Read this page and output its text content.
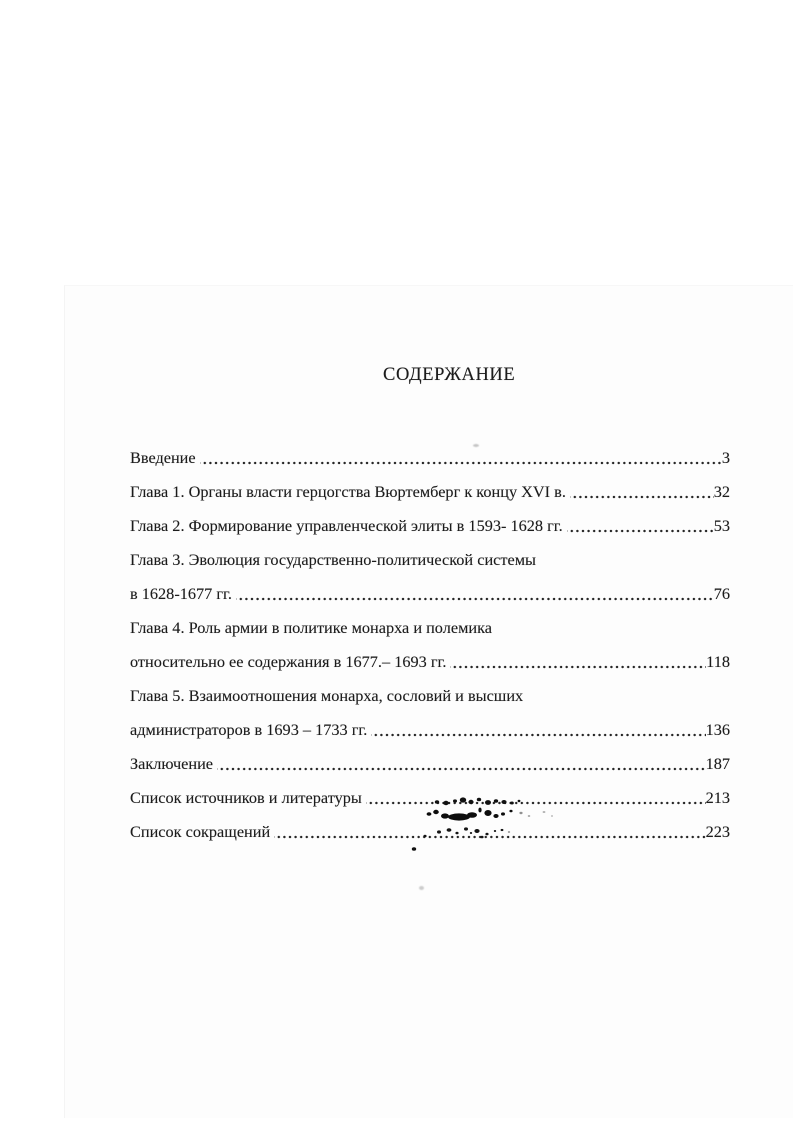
СОДЕРЖАНИЕ
Введение	3
Глава 1. Органы власти герцогства Вюртемберг к концу XVI в.	32
Глава 2. Формирование управленческой элиты в 1593- 1628 гг.	53
Глава 3. Эволюция государственно-политической системы
в 1628-1677 гг.	76
Глава 4. Роль армии в политике монарха и полемика
относительно ее содержания в 1677.– 1693 гг.	118
Глава 5. Взаимоотношения монарха, сословий и высших
администраторов в 1693 – 1733 гг.	136
Заключение	187
Список источников и литературы	213
Список сокращений	223
